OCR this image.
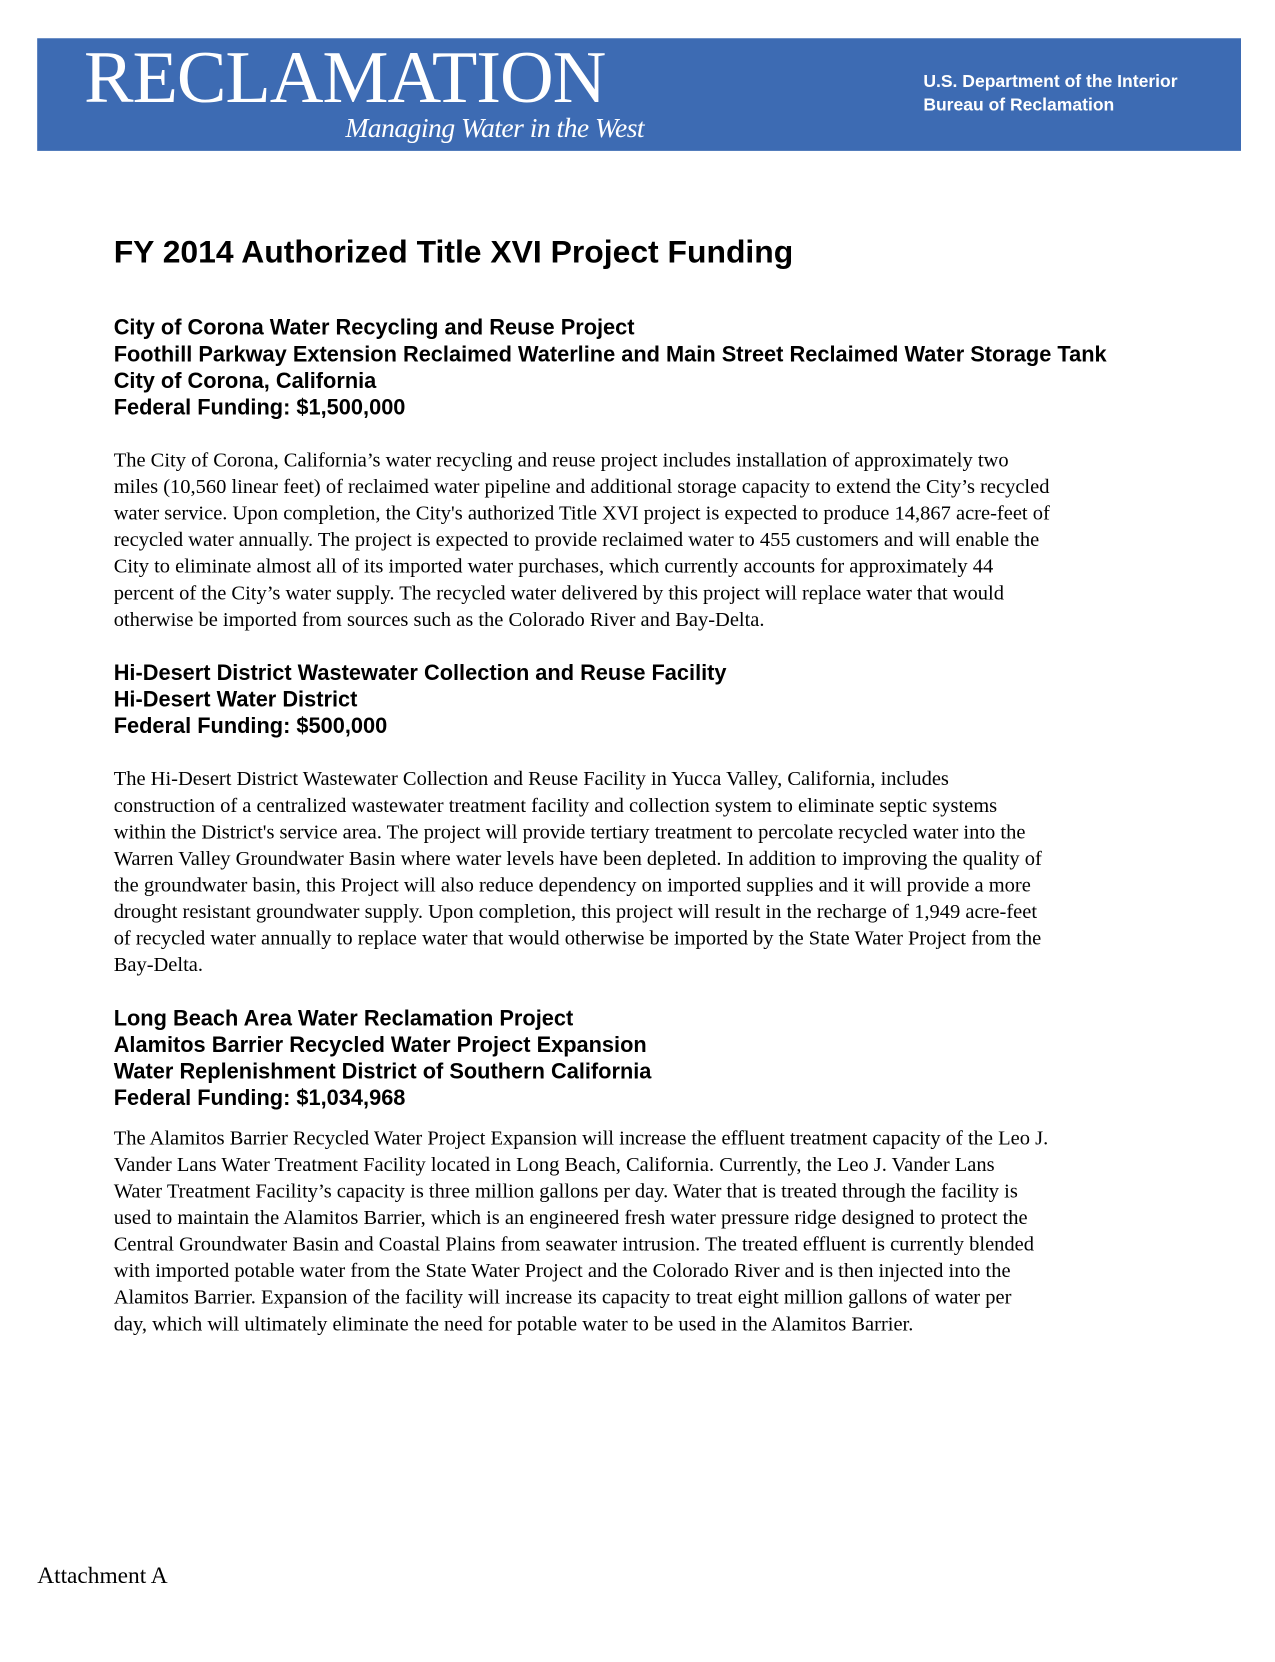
RECLAMATION
Managing Water in the West
U.S. Department of the Interior
Bureau of Reclamation
FY 2014 Authorized Title XVI Project Funding
City of Corona Water Recycling and Reuse Project
Foothill Parkway Extension Reclaimed Waterline and Main Street Reclaimed Water Storage Tank
City of Corona, California
Federal Funding: $1,500,000
The City of Corona, California’s water recycling and reuse project includes installation of approximately two
miles (10,560 linear feet) of reclaimed water pipeline and additional storage capacity to extend the City’s recycled
water service. Upon completion, the City's authorized Title XVI project is expected to produce 14,867 acre-feet of
recycled water annually. The project is expected to provide reclaimed water to 455 customers and will enable the
City to eliminate almost all of its imported water purchases, which currently accounts for approximately 44
percent of the City’s water supply. The recycled water delivered by this project will replace water that would
otherwise be imported from sources such as the Colorado River and Bay-Delta.
Hi-Desert District Wastewater Collection and Reuse Facility
Hi-Desert Water District
Federal Funding: $500,000
The Hi-Desert District Wastewater Collection and Reuse Facility in Yucca Valley, California, includes
construction of a centralized wastewater treatment facility and collection system to eliminate septic systems
within the District's service area. The project will provide tertiary treatment to percolate recycled water into the
Warren Valley Groundwater Basin where water levels have been depleted. In addition to improving the quality of
the groundwater basin, this Project will also reduce dependency on imported supplies and it will provide a more
drought resistant groundwater supply. Upon completion, this project will result in the recharge of 1,949 acre-feet
of recycled water annually to replace water that would otherwise be imported by the State Water Project from the
Bay-Delta.
Long Beach Area Water Reclamation Project
Alamitos Barrier Recycled Water Project Expansion
Water Replenishment District of Southern California
Federal Funding: $1,034,968
The Alamitos Barrier Recycled Water Project Expansion will increase the effluent treatment capacity of the Leo J.
Vander Lans Water Treatment Facility located in Long Beach, California. Currently, the Leo J. Vander Lans
Water Treatment Facility’s capacity is three million gallons per day. Water that is treated through the facility is
used to maintain the Alamitos Barrier, which is an engineered fresh water pressure ridge designed to protect the
Central Groundwater Basin and Coastal Plains from seawater intrusion. The treated effluent is currently blended
with imported potable water from the State Water Project and the Colorado River and is then injected into the
Alamitos Barrier. Expansion of the facility will increase its capacity to treat eight million gallons of water per
day, which will ultimately eliminate the need for potable water to be used in the Alamitos Barrier.
Attachment A
